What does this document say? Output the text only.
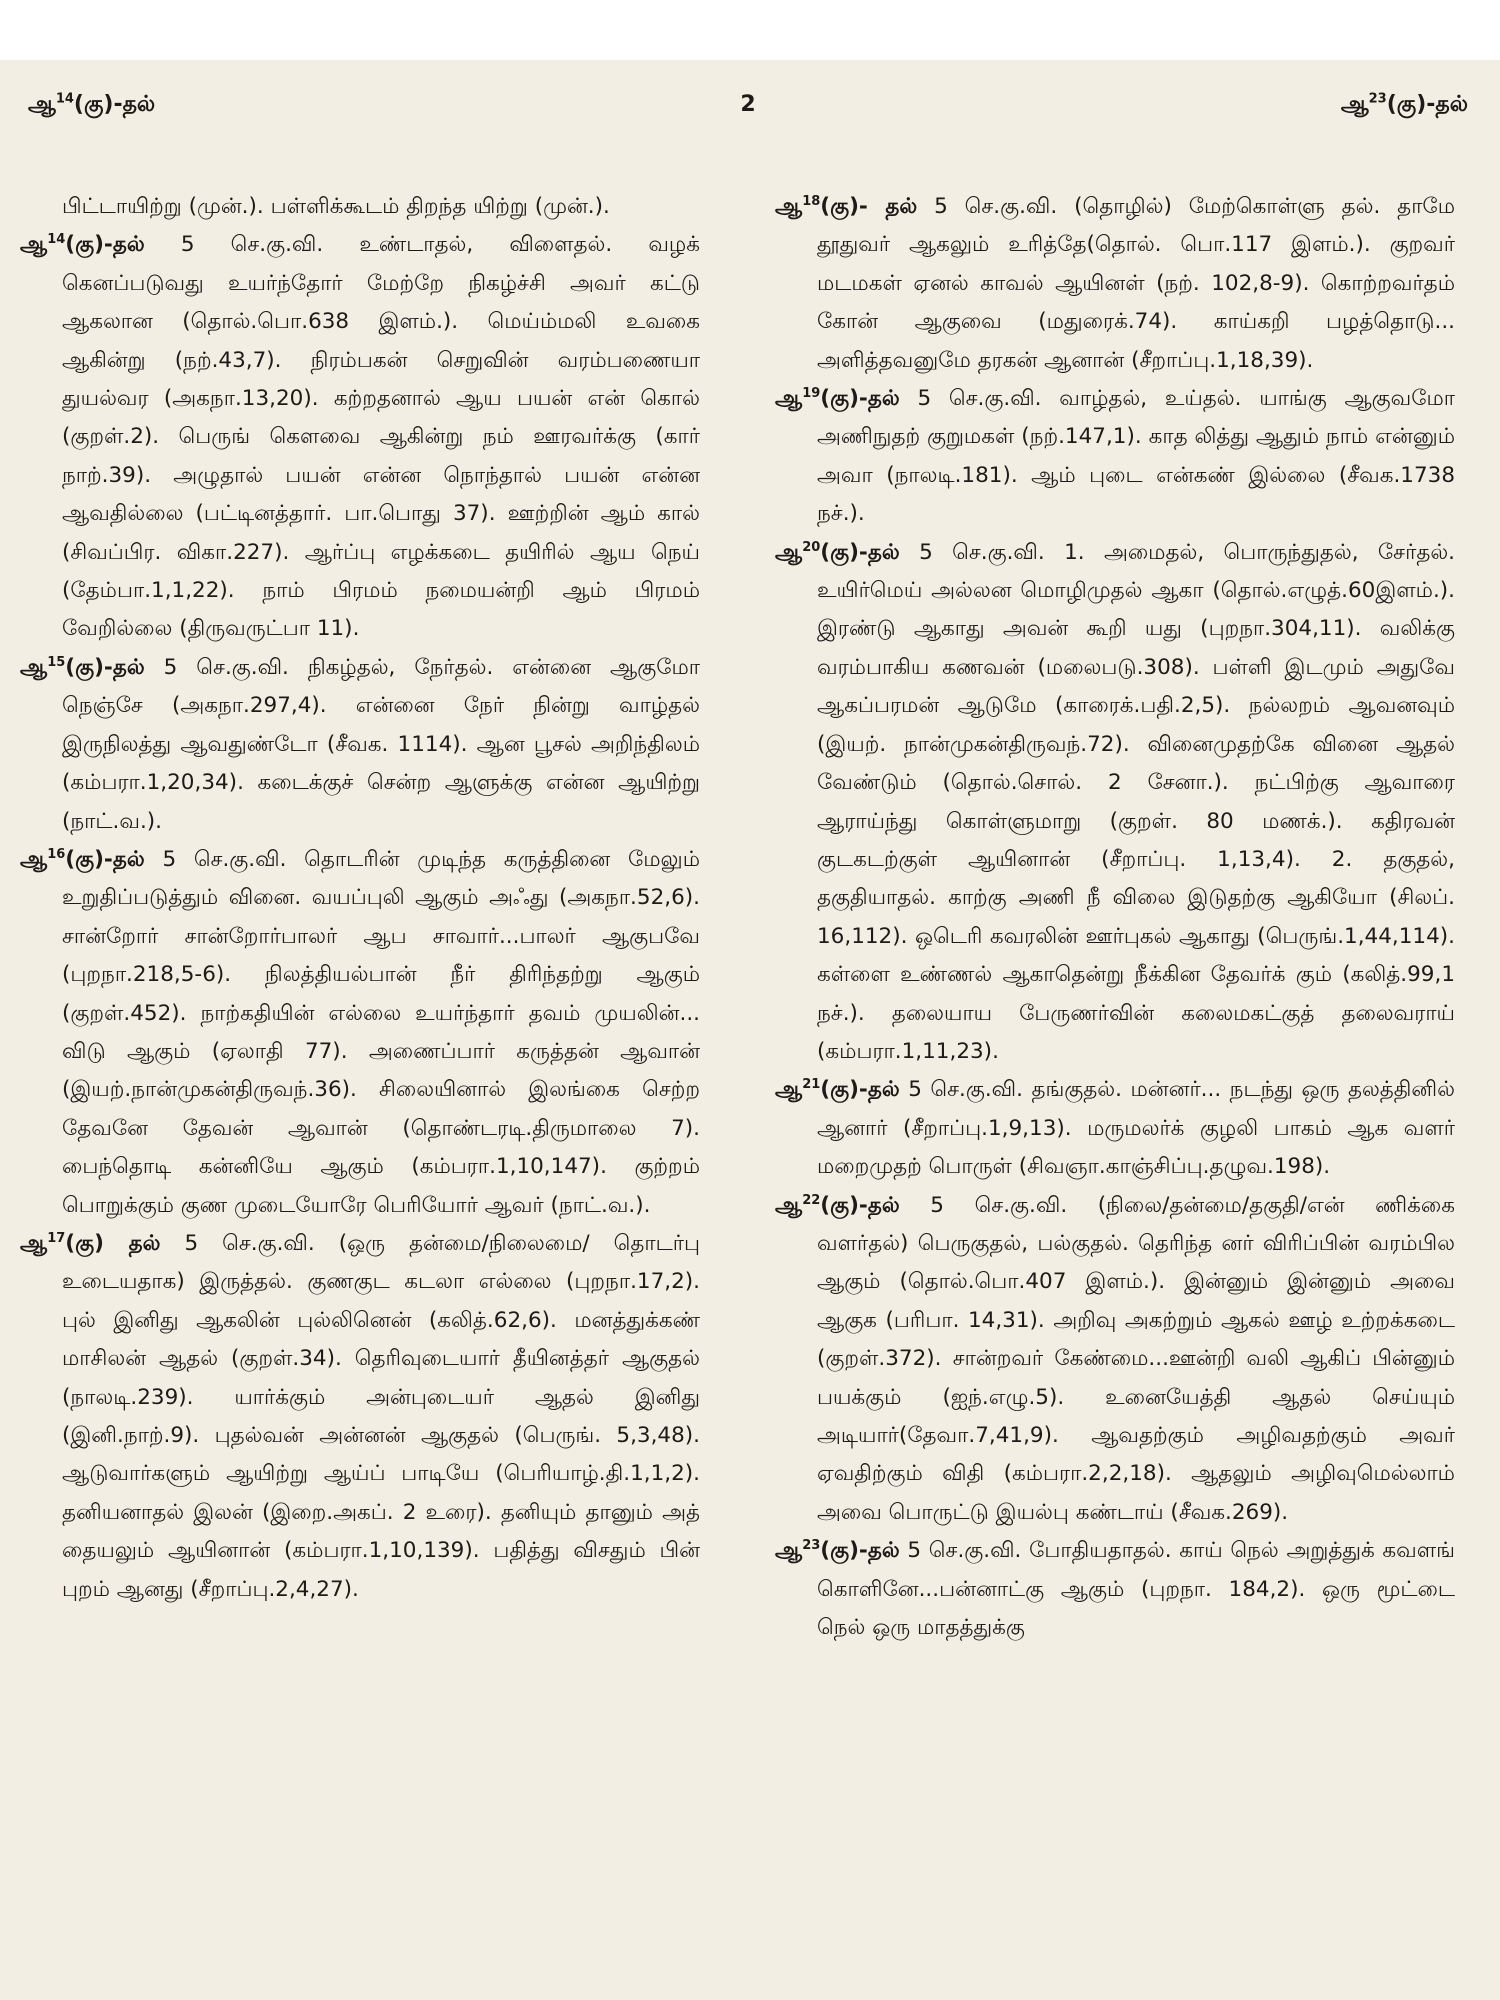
ஆ$^{14}$(கு)-தல்	2	ஆ$^{23}$(கு)-தல்
பிட்டாயிற்று (முன்.). பள்ளிக்கூடம் திறந்த யிற்று (முன்.).
ஆ$^{14}$(கு)-தல் 5 செ.கு.வி. உண்டாதல், விளைதல். வழக் கெனப்படுவது உயர்ந்தோர் மேற்றே நிகழ்ச்சி அவர் கட்டு ஆகலான (தொல்.பொ.638 இளம்.). மெய்ம்மலி உவகை ஆகின்று (நற்.43,7). நிரம்பகன் செறுவின் வரம்பணையா துயல்வர (அகநா.13,20). கற்றதனால் ஆய பயன் என் கொல் (குறள்.2). பெருங் கௌவை ஆகின்று நம் ஊரவர்க்கு (கார் நாற்.39). அழுதால் பயன் என்ன நொந்தால் பயன் என்ன ஆவதில்லை (பட்டினத்தார். பா.பொது 37). ஊற்றின் ஆம் கால் (சிவப்பிர. விகா.227). ஆர்ப்பு எழக்கடை தயிரில் ஆய நெய் (தேம்பா.1,1,22). நாம் பிரமம் நமையன்றி ஆம் பிரமம் வேறில்லை (திருவருட்பா 11).
ஆ$^{15}$(கு)-தல் 5 செ.கு.வி. நிகழ்தல், நேர்தல். என்னை ஆகுமோ நெஞ்சே (அகநா.297,4). என்னை நேர் நின்று வாழ்தல் இருநிலத்து ஆவதுண்டோ (சீவக. 1114). ஆன பூசல் அறிந்திலம் (கம்பரா.1,20,34). கடைக்குச் சென்ற ஆளுக்கு என்ன ஆயிற்று (நாட்.வ.).
ஆ$^{16}$(கு)-தல் 5 செ.கு.வி. தொடரின் முடிந்த கருத்தினை மேலும் உறுதிப்படுத்தும் வினை. வயப்புலி ஆகும் அஃது (அகநா.52,6). சான்றோர் சான்றோர்பாலர் ஆப சாவார்...பாலர் ஆகுபவே (புறநா.218,5-6). நிலத்தியல்பான் நீர் திரிந்தற்று ஆகும் (குறள்.452). நாற்கதியின் எல்லை உயர்ந்தார் தவம் முயலின்... விடு ஆகும் (ஏலாதி 77). அணைப்பார் கருத்தன் ஆவான் (இயற்.நான்முகன்திருவந்.36). சிலையினால் இலங்கை செற்ற தேவனே தேவன் ஆவான் (தொண்டரடி.திருமாலை 7). பைந்தொடி கன்னியே ஆகும் (கம்பரா.1,10,147). குற்றம் பொறுக்கும் குண முடையோரே பெரியோர் ஆவர் (நாட்.வ.).
ஆ$^{17}$(கு) தல் 5 செ.கு.வி. (ஒரு தன்மை/நிலைமை/ தொடர்பு உடையதாக) இருத்தல். குணகுட கடலா எல்லை (புறநா.17,2). புல் இனிது ஆகலின் புல்லினென் (கலித்.62,6). மனத்துக்கண் மாசிலன் ஆதல் (குறள்.34). தெரிவுடையார் தீயினத்தர் ஆகுதல் (நாலடி.239). யார்க்கும் அன்புடையர் ஆதல் இனிது (இனி.நாற்.9). புதல்வன் அன்னன் ஆகுதல் (பெருங். 5,3,48). ஆடுவார்களும் ஆயிற்று ஆய்ப் பாடியே (பெரியாழ்.தி.1,1,2). தனியனாதல் இலன் (இறை.அகப். 2 உரை). தனியும் தானும் அத் தையலும் ஆயினான் (கம்பரா.1,10,139). பதித்து விசதும் பின் புறம் ஆனது (சீறாப்பு.2,4,27).
ஆ$^{18}$(கு)- தல் 5 செ.கு.வி. (தொழில்) மேற்கொள்ளு தல். தாமே தூதுவர் ஆகலும் உரித்தே(தொல். பொ.117 இளம்.). குறவர் மடமகள் ஏனல் காவல் ஆயினள் (நற். 102,8-9). கொற்றவர்தம் கோன் ஆகுவை (மதுரைக்.74). காய்கறி பழத்தொடு... அளித்தவனுமே தரகன் ஆனான் (சீறாப்பு.1,18,39).
ஆ$^{19}$(கு)-தல் 5 செ.கு.வி. வாழ்தல், உய்தல். யாங்கு ஆகுவமோ அணிநுதற் குறுமகள் (நற்.147,1). காத லித்து ஆதும் நாம் என்னும் அவா (நாலடி.181). ஆம் புடை என்கண் இல்லை (சீவக.1738 நச்.).
ஆ$^{20}$(கு)-தல் 5 செ.கு.வி. 1. அமைதல், பொருந்துதல், சேர்தல். உயிர்மெய் அல்லன மொழிமுதல் ஆகா (தொல்.எழுத்.60இளம்.). இரண்டு ஆகாது அவன் கூறி யது (புறநா.304,11). வலிக்கு வரம்பாகிய கணவன் (மலைபடு.308). பள்ளி இடமும் அதுவே ஆகப்பரமன் ஆடுமே (காரைக்.பதி.2,5). நல்லறம் ஆவனவும் (இயற். நான்முகன்திருவந்.72). வினைமுதற்கே வினை ஆதல் வேண்டும் (தொல்.சொல். 2 சேனா.). நட்பிற்கு ஆவாரை ஆராய்ந்து கொள்ளுமாறு (குறள். 80 மணக்.). கதிரவன் குடகடற்குள் ஆயினான் (சீறாப்பு. 1,13,4). 2. தகுதல், தகுதியாதல். காற்கு அணி நீ விலை இடுதற்கு ஆகியோ (சிலப். 16,112). ஒடெரி கவரலின் ஊர்புகல் ஆகாது (பெருங்.1,44,114). கள்ளை உண்ணல் ஆகாதென்று நீக்கின தேவர்க் கும் (கலித்.99,1 நச்.). தலையாய பேருணர்வின் கலைமகட்குத் தலைவராய் (கம்பரா.1,11,23).
ஆ$^{21}$(கு)-தல் 5 செ.கு.வி. தங்குதல். மன்னர்... நடந்து ஒரு தலத்தினில் ஆனார் (சீறாப்பு.1,9,13). மருமலர்க் குழலி பாகம் ஆக வளர் மறைமுதற் பொருள் (சிவஞா.காஞ்சிப்பு.தழுவ.198).
ஆ$^{22}$(கு)-தல் 5 செ.கு.வி. (நிலை/தன்மை/தகுதி/என் ணிக்கை வளர்தல்) பெருகுதல், பல்குதல். தெரிந்த னர் விரிப்பின் வரம்பில ஆகும் (தொல்.பொ.407 இளம்.). இன்னும் இன்னும் அவை ஆகுக (பரிபா. 14,31). அறிவு அகற்றும் ஆகல் ஊழ் உற்றக்கடை (குறள்.372). சான்றவர் கேண்மை...ஊன்றி வலி ஆகிப் பின்னும் பயக்கும் (ஐந்.எழு.5). உனையேத்தி ஆதல் செய்யும் அடியார்(தேவா.7,41,9). ஆவதற்கும் அழிவதற்கும் அவர் ஏவதிற்கும் விதி (கம்பரா.2,2,18). ஆதலும் அழிவுமெல்லாம் அவை பொருட்டு இயல்பு கண்டாய் (சீவக.269).
ஆ$^{23}$(கு)-தல் 5 செ.கு.வி. போதியதாதல். காய் நெல் அறுத்துக் கவளங் கொளினே...பன்னாட்கு ஆகும் (புறநா. 184,2). ஒரு மூட்டை நெல் ஒரு மாதத்துக்கு
